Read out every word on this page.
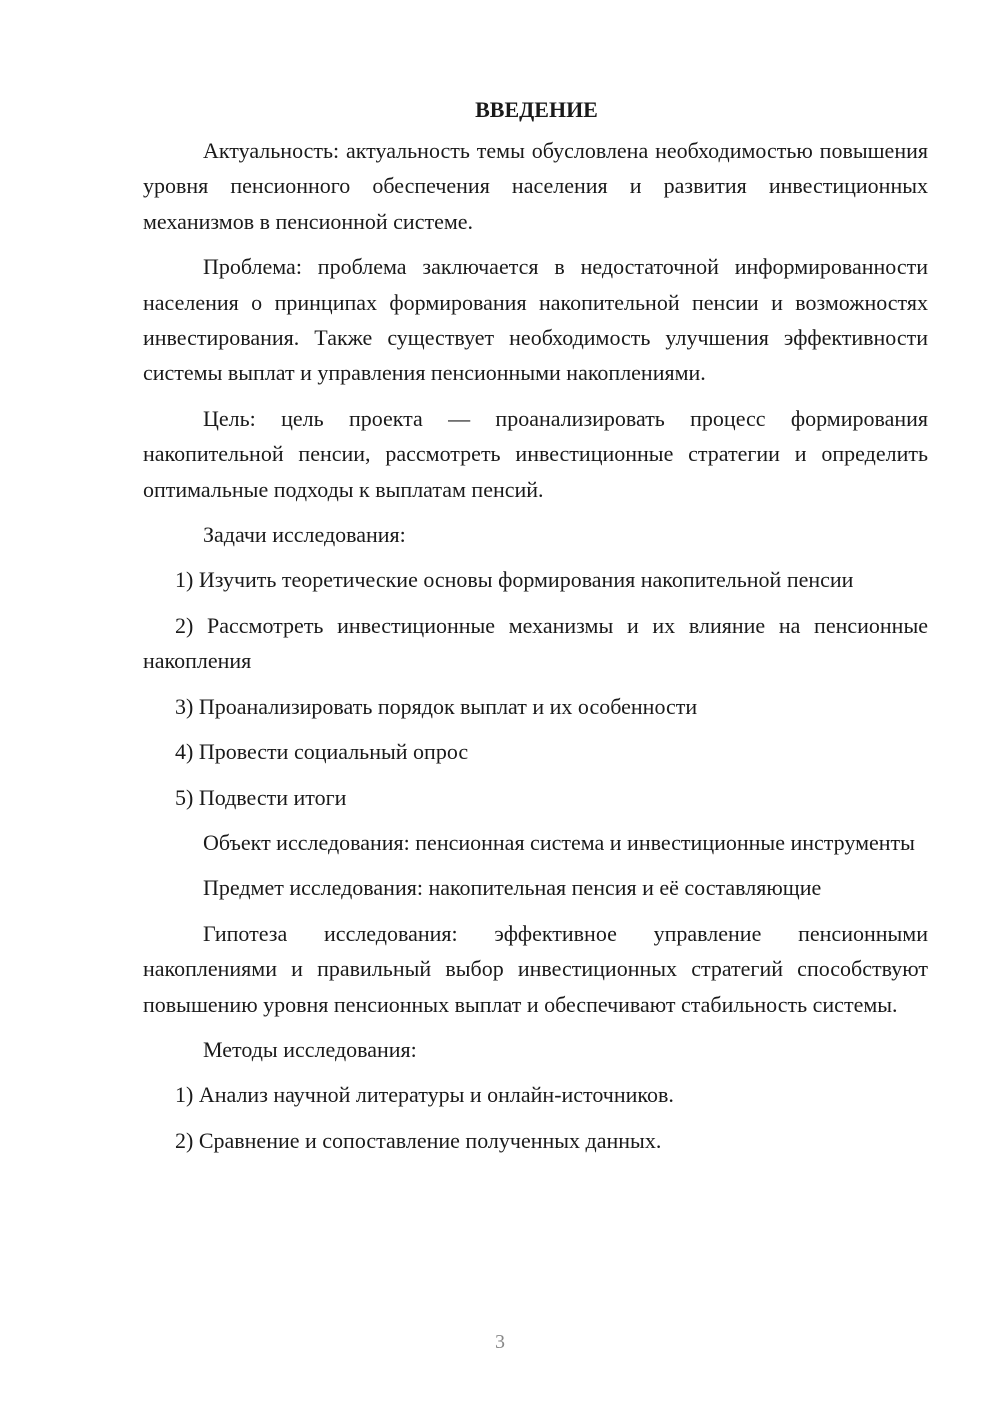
ВВЕДЕНИЕ

Актуальность: актуальность темы обусловлена необходимостью повышения уровня пенсионного обеспечения населения и развития инвестиционных механизмов в пенсионной системе.

Проблема: проблема заключается в недостаточной информированности населения о принципах формирования накопительной пенсии и возможностях инвестирования. Также существует необходимость улучшения эффективности системы выплат и управления пенсионными накоплениями.

Цель: цель проекта — проанализировать процесс формирования накопительной пенсии, рассмотреть инвестиционные стратегии и определить оптимальные подходы к выплатам пенсий.

Задачи исследования:

1) Изучить теоретические основы формирования накопительной пенсии

2) Рассмотреть инвестиционные механизмы и их влияние на пенсионные накопления

3) Проанализировать порядок выплат и их особенности

4) Провести социальный опрос

5) Подвести итоги

Объект исследования: пенсионная система и инвестиционные инструменты

Предмет исследования: накопительная пенсия и её составляющие

Гипотеза исследования: эффективное управление пенсионными накоплениями и правильный выбор инвестиционных стратегий способствуют повышению уровня пенсионных выплат и обеспечивают стабильность системы.

Методы исследования:

1) Анализ научной литературы и онлайн-источников.

2) Сравнение и сопоставление полученных данных.

3
